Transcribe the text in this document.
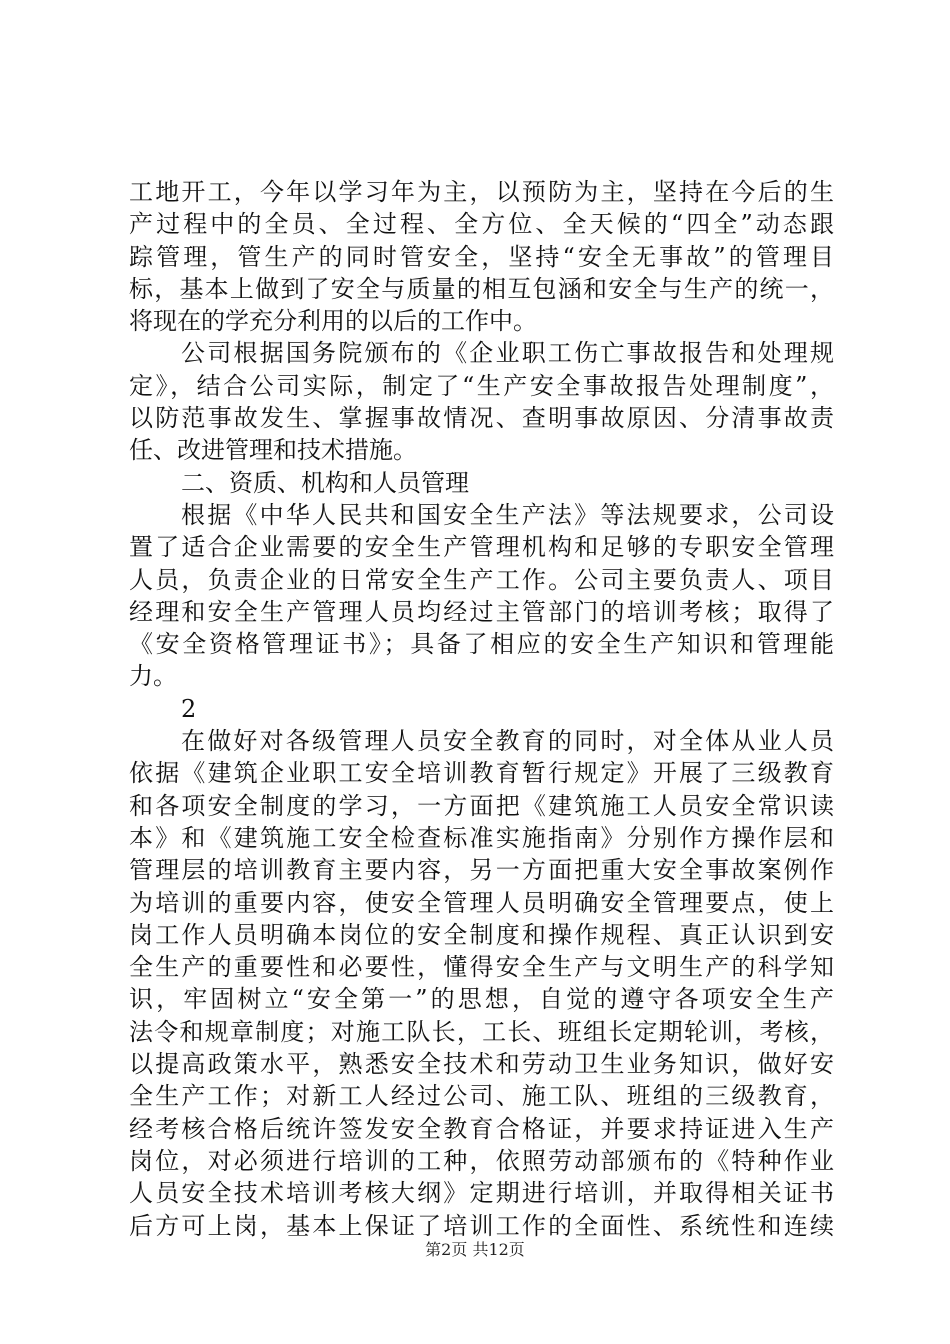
工地开工，今年以学习年为主，以预防为主，坚持在今后的生
产过程中的全员、全过程、全方位、全天候的“四全”动态跟
踪管理，管生产的同时管安全，坚持“安全无事故”的管理目
标，基本上做到了安全与质量的相互包涵和安全与生产的统一，
将现在的学充分利用的以后的工作中。
公司根据国务院颁布的《企业职工伤亡事故报告和处理规
定》，结合公司实际，制定了“生产安全事故报告处理制度”，
以防范事故发生、掌握事故情况、查明事故原因、分清事故责
任、改进管理和技术措施。
二、资质、机构和人员管理
根据《中华人民共和国安全生产法》等法规要求，公司设
置了适合企业需要的安全生产管理机构和足够的专职安全管理
人员，负责企业的日常安全生产工作。公司主要负责人、项目
经理和安全生产管理人员均经过主管部门的培训考核；取得了
《安全资格管理证书》；具备了相应的安全生产知识和管理能
力。
2
在做好对各级管理人员安全教育的同时，对全体从业人员
依据《建筑企业职工安全培训教育暂行规定》开展了三级教育
和各项安全制度的学习，一方面把《建筑施工人员安全常识读
本》和《建筑施工安全检查标准实施指南》分别作方操作层和
管理层的培训教育主要内容，另一方面把重大安全事故案例作
为培训的重要内容，使安全管理人员明确安全管理要点，使上
岗工作人员明确本岗位的安全制度和操作规程、真正认识到安
全生产的重要性和必要性，懂得安全生产与文明生产的科学知
识，牢固树立“安全第一”的思想，自觉的遵守各项安全生产
法令和规章制度；对施工队长，工长、班组长定期轮训，考核，
以提高政策水平，熟悉安全技术和劳动卫生业务知识，做好安
全生产工作；对新工人经过公司、施工队、班组的三级教育，
经考核合格后统许签发安全教育合格证，并要求持证进入生产
岗位，对必须进行培训的工种，依照劳动部颁布的《特种作业
人员安全技术培训考核大纲》定期进行培训，并取得相关证书
后方可上岗，基本上保证了培训工作的全面性、系统性和连续
第2页 共12页
